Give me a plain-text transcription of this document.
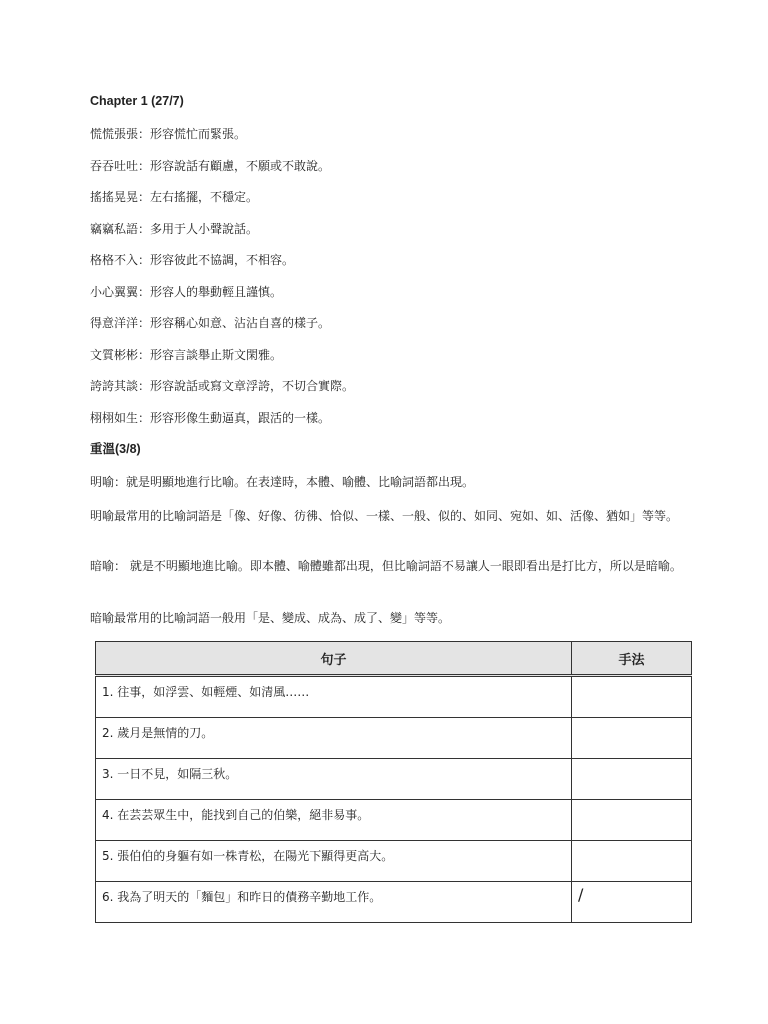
Chapter 1 (27/7)
慌慌張張：形容慌忙而緊張。
吞吞吐吐：形容說話有顧慮，不願或不敢說。
搖搖晃晃：左右搖擺，不穩定。
竊竊私語：多用于人小聲說話。
格格不入：形容彼此不協調，不相容。
小心翼翼：形容人的舉動輕且謹慎。
得意洋洋：形容稱心如意、沾沾自喜的樣子。
文質彬彬：形容言談舉止斯文閑雅。
誇誇其談：形容說話或寫文章浮誇，不切合實際。
栩栩如生：形容形像生動逼真，跟活的一樣。
重溫(3/8)
明喻：就是明顯地進行比喻。在表達時，本體、喻體、比喻詞語都出現。
明喻最常用的比喻詞語是「像、好像、彷彿、恰似、一樣、一般、似的、如同、宛如、如、活像、猶如」等等。
暗喻： 就是不明顯地進比喻。即本體、喻體雖都出現，但比喻詞語不易讓人一眼即看出是打比方，所以是暗喻。
暗喻最常用的比喻詞語一般用「是、變成、成為、成了、變」等等。
句子	手法
1. 往事，如浮雲、如輕煙、如清風……	
2. 歲月是無情的刀。	
3. 一日不見，如隔三秋。	
4. 在芸芸眾生中，能找到自己的伯樂，絕非易事。	
5. 張伯伯的身軀有如一株青松，在陽光下顯得更高大。	
6. 我為了明天的「麵包」和昨日的債務辛勤地工作。	/
